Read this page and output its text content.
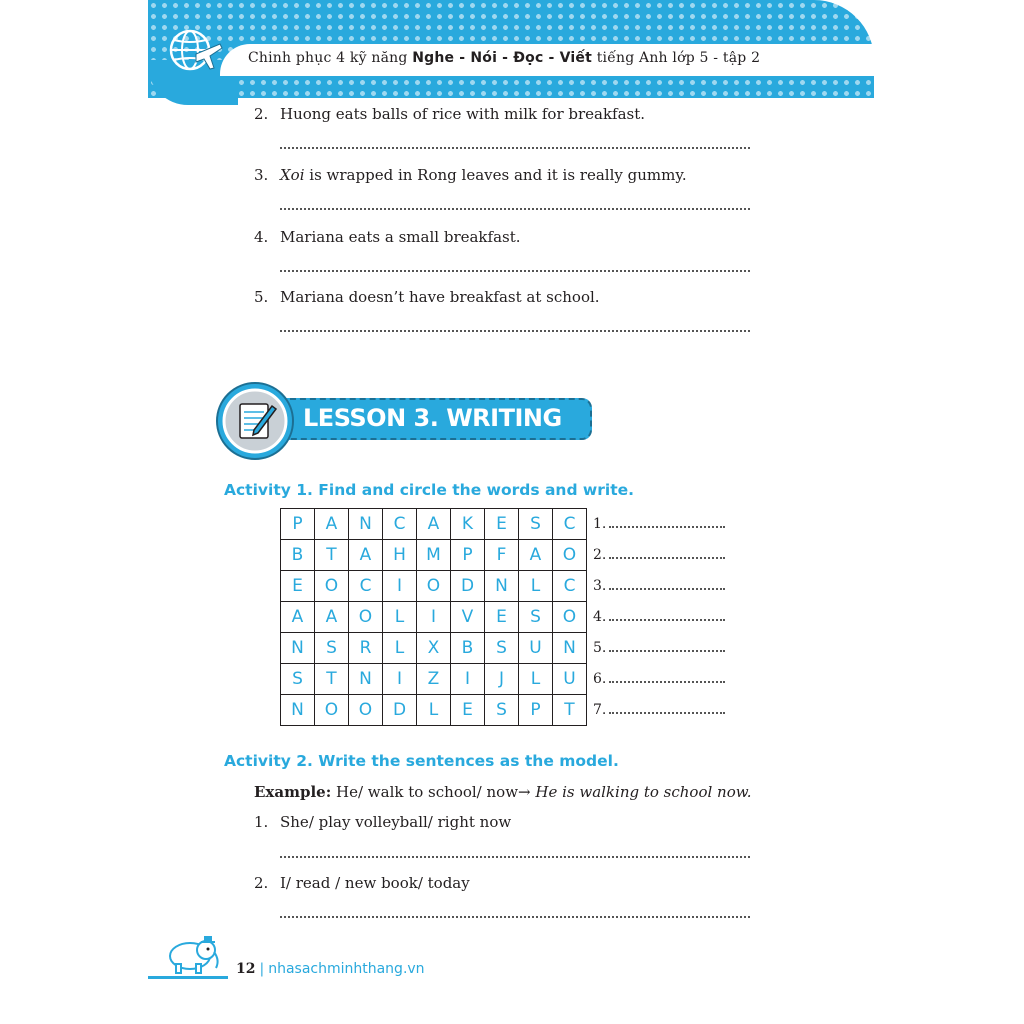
Chinh phục 4 kỹ năng Nghe - Nói - Đọc - Viết tiếng Anh lớp 5 - tập 2
2. Huong eats balls of rice with milk for breakfast.
3. Xoi is wrapped in Rong leaves and it is really gummy.
4. Mariana eats a small breakfast.
5. Mariana doesn’t have breakfast at school.
LESSON 3. WRITING
Activity 1. Find and circle the words and write.
P	A	N	C	A	K	E	S	C
B	T	A	H	M	P	F	A	O
E	O	C	I	O	D	N	L	C
A	A	O	L	I	V	E	S	O
N	S	R	L	X	B	S	U	N
S	T	N	I	Z	I	J	L	U
N	O	O	D	L	E	S	P	T
1.
2.
3.
4.
5.
6.
7.
Activity 2. Write the sentences as the model.
Example: He/ walk to school/ now → He is walking to school now.
1. She/ play volleyball/ right now
2. I/ read / new book/ today
12 | nhasachminhthang.vn
